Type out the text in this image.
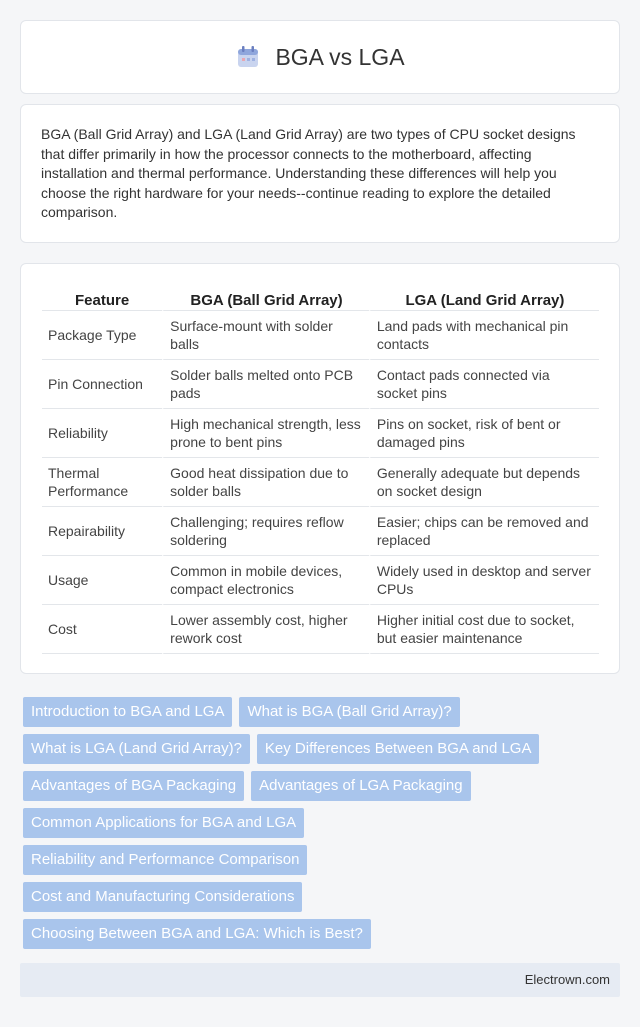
BGA vs LGA

BGA (Ball Grid Array) and LGA (Land Grid Array) are two types of CPU socket designs that differ primarily in how the processor connects to the motherboard, affecting installation and thermal performance. Understanding these differences will help you choose the right hardware for your needs--continue reading to explore the detailed comparison.

Feature	BGA (Ball Grid Array)	LGA (Land Grid Array)
Package Type	Surface-mount with solder balls	Land pads with mechanical pin contacts
Pin Connection	Solder balls melted onto PCB pads	Contact pads connected via socket pins
Reliability	High mechanical strength, less prone to bent pins	Pins on socket, risk of bent or damaged pins
Thermal Performance	Good heat dissipation due to solder balls	Generally adequate but depends on socket design
Repairability	Challenging; requires reflow soldering	Easier; chips can be removed and replaced
Usage	Common in mobile devices, compact electronics	Widely used in desktop and server CPUs
Cost	Lower assembly cost, higher rework cost	Higher initial cost due to socket, but easier maintenance
Introduction to BGA and LGA	What is BGA (Ball Grid Array)?
What is LGA (Land Grid Array)?	Key Differences Between BGA and LGA
Advantages of BGA Packaging	Advantages of LGA Packaging
Common Applications for BGA and LGA
Reliability and Performance Comparison
Cost and Manufacturing Considerations
Choosing Between BGA and LGA: Which is Best?
Electrown.com
